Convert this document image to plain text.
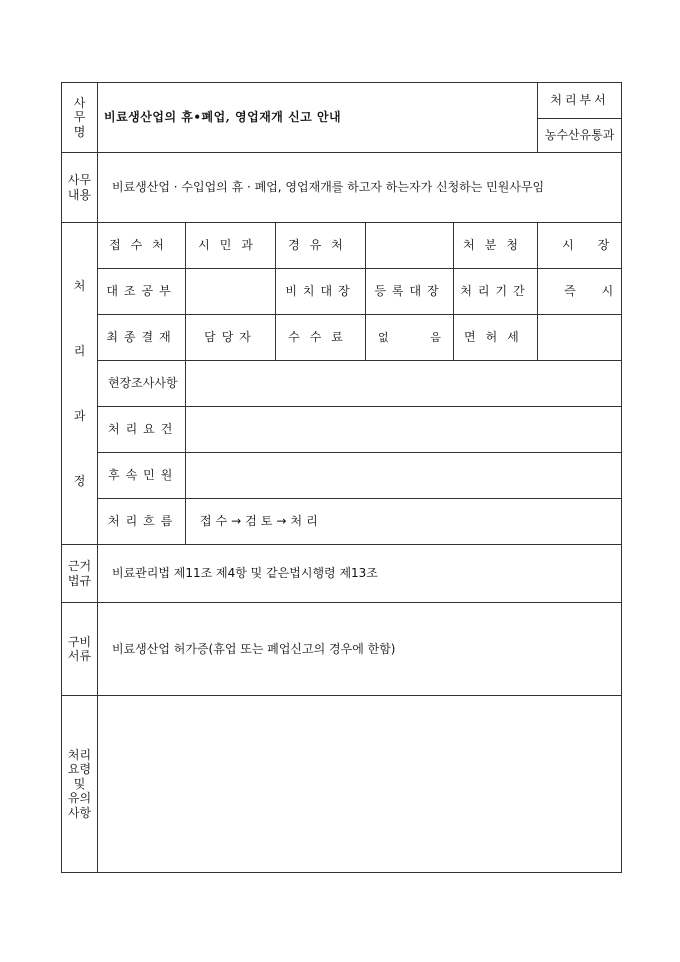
사
무
명	비료생산업의 휴•폐업, 영업재개 신고 안내					처리부서
						농수산유통과

사무
내용	비료생산업 · 수입업의 휴 · 폐업, 영업재개를 하고자 하는자가 신청하는 민원사무임					

처
리
과
정	접수처	시민과	경유처		처분청	시장
	대조공부		비치대장	등록대장	처리기간	즉시
	최종결재	담당자	수수료	없 음	면허세	
	현장조사사항					
	처리요건					
	후속민원					
	처리흐름	접수→검토→처리				

근거
법규	비료관리법 제11조 제4항 및 같은법시행령 제13조					

구비
서류	비료생산업 허가증(휴업 또는 폐업신고의 경우에 한함)					

처리
요령
및
유의
사항						
